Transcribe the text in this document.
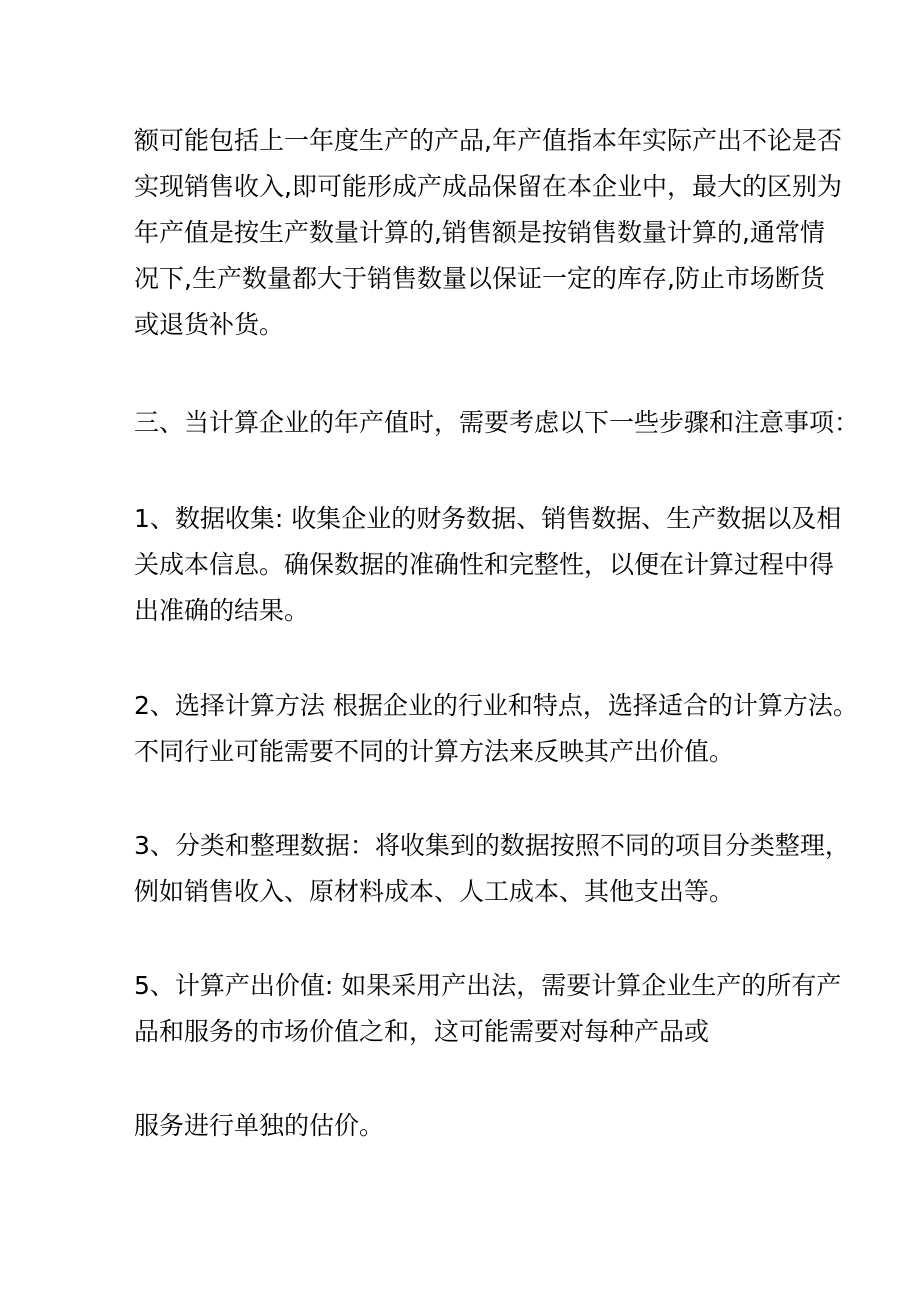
额可能包括上一年度生产的产品,年产值指本年实际产出不论是否
实现销售收入,即可能形成产成品保留在本企业中，最大的区别为
年产值是按生产数量计算的,销售额是按销售数量计算的,通常情
况下,生产数量都大于销售数量以保证一定的库存,防止市场断货
或退货补货。

三、当计算企业的年产值时，需要考虑以下一些步骤和注意事项：

1、数据收集: 收集企业的财务数据、销售数据、生产数据以及相
关成本信息。确保数据的准确性和完整性，以便在计算过程中得
出准确的结果。

2、选择计算方法 根据企业的行业和特点，选择适合的计算方法。
不同行业可能需要不同的计算方法来反映其产出价值。

3、分类和整理数据：将收集到的数据按照不同的项目分类整理，
例如销售收入、原材料成本、人工成本、其他支出等。

5、计算产出价值: 如果采用产出法，需要计算企业生产的所有产
品和服务的市场价值之和，这可能需要对每种产品或

服务进行单独的估价。
